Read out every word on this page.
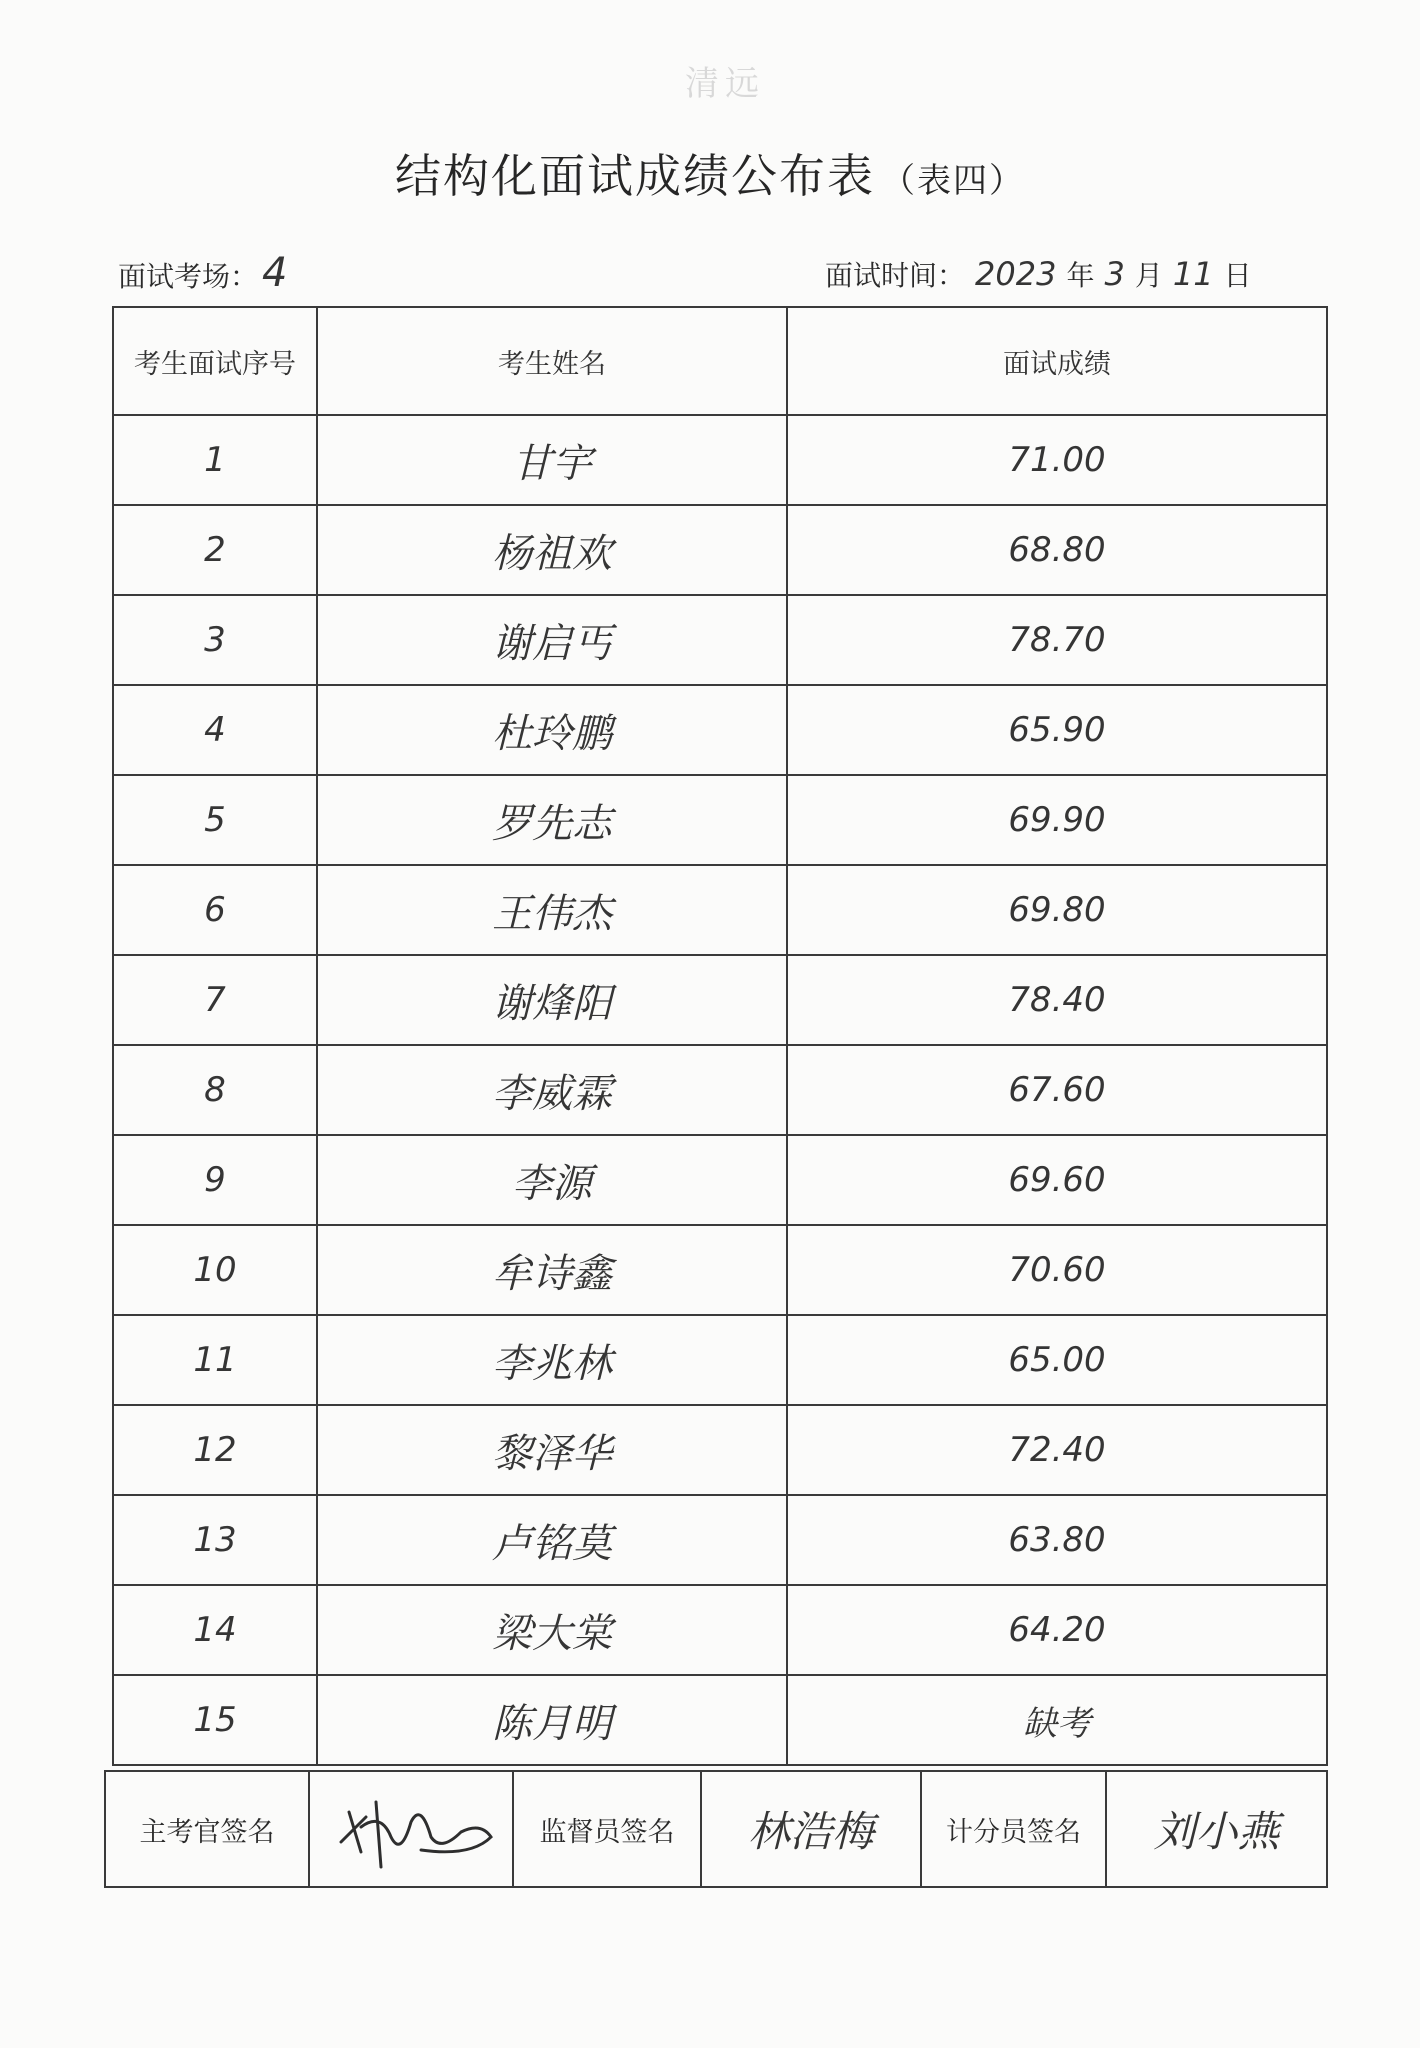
清远
结构化面试成绩公布表 （表四）
面试考场： 4	面试时间： 2023 年 3 月 11 日
考生面试序号	考生姓名	面试成绩
1	甘宇	71.00
2	杨祖欢	68.80
3	谢启丐	78.70
4	杜玲鹏	65.90
5	罗先志	69.90
6	王伟杰	69.80
7	谢烽阳	78.40
8	李威霖	67.60
9	李源	69.60
10	牟诗鑫	70.60
11	李兆林	65.00
12	黎泽华	72.40
13	卢铭莫	63.80
14	梁大棠	64.20
15	陈月明	缺考
主考官签名		监督员签名	林浩梅	计分员签名	刘小燕
